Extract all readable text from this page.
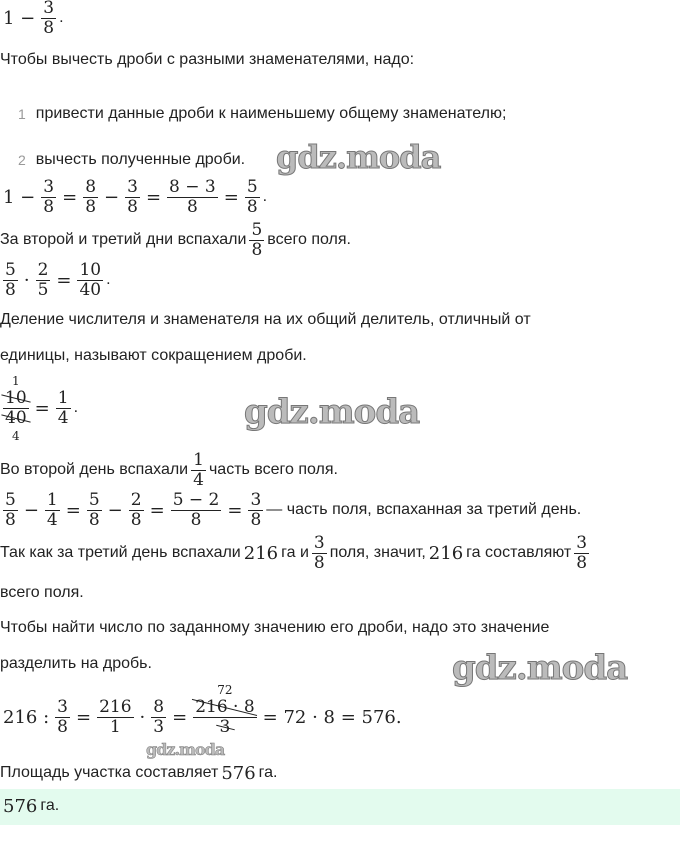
$1 - \frac{3}{8}$ .
Чтобы вычесть дроби с разными знаменателями, надо:
1 привести данные дроби к наименьшему общему знаменателю;
2 вычесть полученные дроби.
$1 - \frac{3}{8} = \frac{8}{8} - \frac{3}{8} = \frac{8 - 3}{8} = \frac{5}{8}$ .
За второй и третий дни вспахали $\frac{5}{8}$ всего поля.
$\frac{5}{8} \cdot \frac{2}{5} = \frac{10}{40}$ .
Деление числителя и знаменателя на их общий делитель, отличный от
единицы, называют сокращением дроби.
10
40
1
4
= $\frac{1}{4}$ .
Во второй день вспахали $\frac{1}{4}$ часть всего поля.
$\frac{5}{8} - \frac{1}{4} = \frac{5}{8} - \frac{2}{8} = \frac{5 - 2}{8} = \frac{3}{8}$ — часть поля, вспаханная за третий день.
Так как за третий день вспахали 216 га и $\frac{3}{8}$ поля, значит, 216 га составляют $\frac{3}{8}$
всего поля.
Чтобы найти число по заданному значению его дроби, надо это значение
разделить на дробь.
216 : $\frac{3}{8} = \frac{216}{1} \cdot \frac{8}{3} = 216 \cdot 8$
3
72
= 72 · 8 = 576.
Площадь участка составляет 576 га.
576 га.
gdz.moda
gdz.moda
gdz.moda
gdz.moda
